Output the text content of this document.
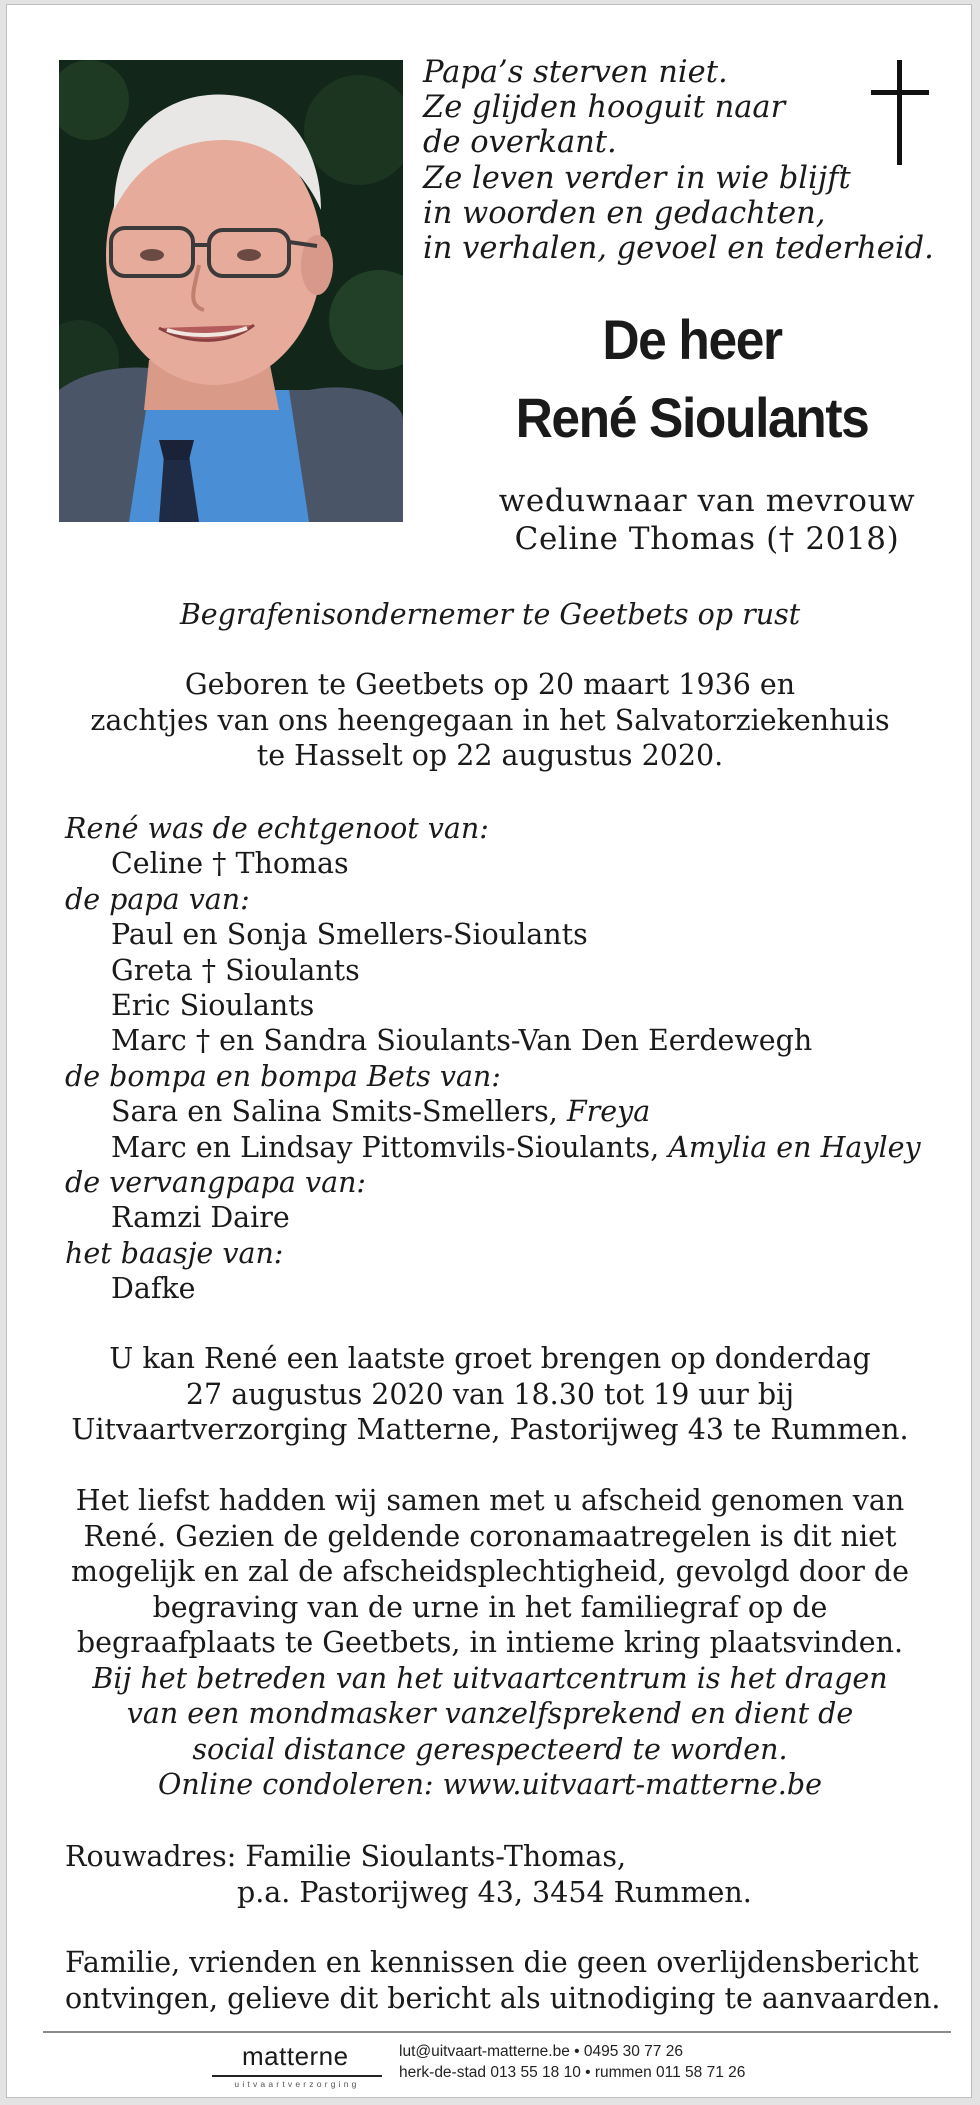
Papa’s sterven niet.
Ze glijden hooguit naar
de overkant.
Ze leven verder in wie blijft
in woorden en gedachten,
in verhalen, gevoel en tederheid.
De heer
René Sioulants
weduwnaar van mevrouw
Celine Thomas († 2018)
Begrafenisondernemer te Geetbets op rust
Geboren te Geetbets op 20 maart 1936 en
zachtjes van ons heengegaan in het Salvatorziekenhuis
te Hasselt op 22 augustus 2020.
René was de echtgenoot van:
Celine † Thomas
de papa van:
Paul en Sonja Smellers-Sioulants
Greta † Sioulants
Eric Sioulants
Marc † en Sandra Sioulants-Van Den Eerdewegh
de bompa en bompa Bets van:
Sara en Salina Smits-Smellers, Freya
Marc en Lindsay Pittomvils-Sioulants, Amylia en Hayley
de vervangpapa van:
Ramzi Daire
het baasje van:
Dafke
U kan René een laatste groet brengen op donderdag
27 augustus 2020 van 18.30 tot 19 uur bij
Uitvaartverzorging Matterne, Pastorijweg 43 te Rummen.
Het liefst hadden wij samen met u afscheid genomen van
René. Gezien de geldende coronamaatregelen is dit niet
mogelijk en zal de afscheidsplechtigheid, gevolgd door de
begraving van de urne in het familiegraf op de
begraafplaats te Geetbets, in intieme kring plaatsvinden.
Bij het betreden van het uitvaartcentrum is het dragen
van een mondmasker vanzelfsprekend en dient de
social distance gerespecteerd te worden.
Online condoleren: www.uitvaart-matterne.be
Rouwadres: Familie Sioulants-Thomas,
p.a. Pastorijweg 43, 3454 Rummen.
Familie, vrienden en kennissen die geen overlijdensbericht
ontvingen, gelieve dit bericht als uitnodiging te aanvaarden.
matterne
uitvaartverzorging
lut@uitvaart-matterne.be • 0495 30 77 26
herk-de-stad 013 55 18 10 • rummen 011 58 71 26
